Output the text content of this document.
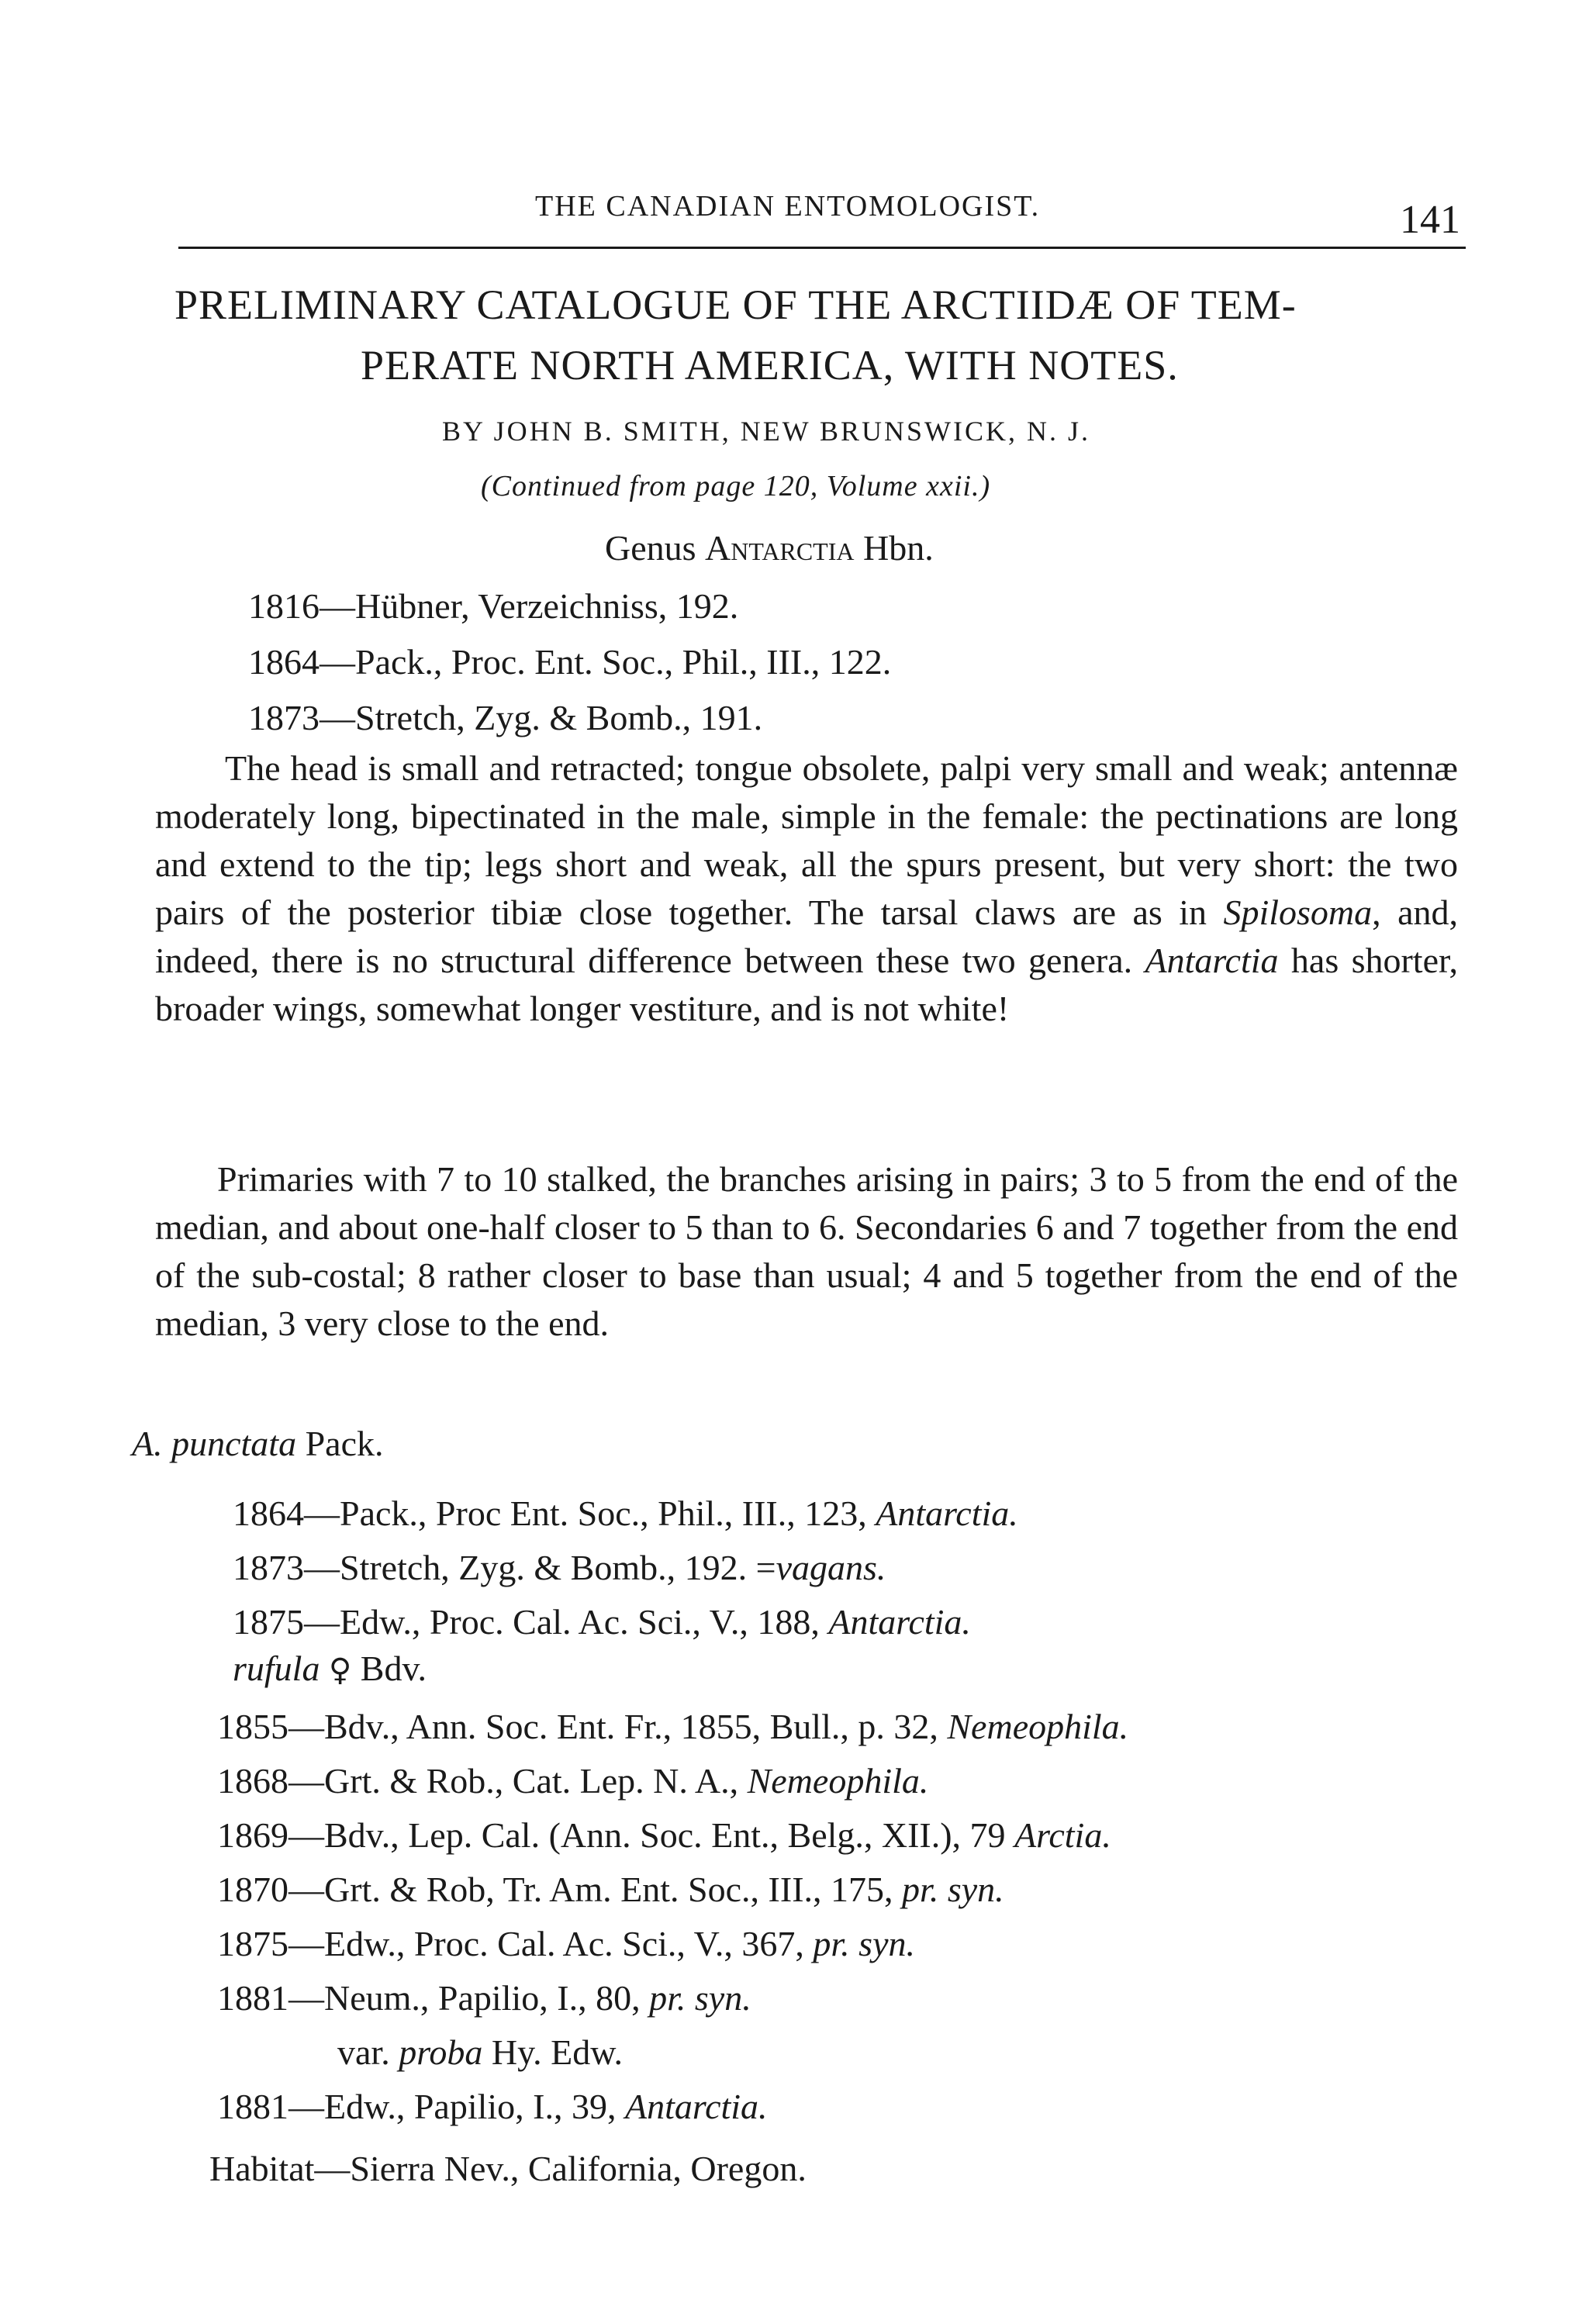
THE CANADIAN ENTOMOLOGIST.	141
PRELIMINARY CATALOGUE OF THE ARCTIIDÆ OF TEM-
PERATE NORTH AMERICA, WITH NOTES.
BY JOHN B. SMITH, NEW BRUNSWICK, N. J.
(Continued from page 120, Volume xxii.)
Genus Antarctia Hbn.
1816—Hübner, Verzeichniss, 192.
1864—Pack., Proc. Ent. Soc., Phil., III., 122.
1873—Stretch, Zyg. & Bomb., 191.
The head is small and retracted; tongue obsolete, palpi very small and weak; antennæ moderately long, bipectinated in the male, simple in the female: the pectinations are long and extend to the tip; legs short and weak, all the spurs present, but very short: the two pairs of the posterior tibiæ close together. The tarsal claws are as in Spilosoma, and, indeed, there is no structural difference between these two genera. Antarctia has shorter, broader wings, somewhat longer vestiture, and is not white!
Primaries with 7 to 10 stalked, the branches arising in pairs; 3 to 5 from the end of the median, and about one-half closer to 5 than to 6. Secondaries 6 and 7 together from the end of the sub-costal; 8 rather closer to base than usual; 4 and 5 together from the end of the median, 3 very close to the end.
A. punctata Pack.
1864—Pack., Proc Ent. Soc., Phil., III., 123, Antarctia.
1873—Stretch, Zyg. & Bomb., 192. =vagans.
1875—Edw., Proc. Cal. Ac. Sci., V., 188, Antarctia.
rufula ♀ Bdv.
1855—Bdv., Ann. Soc. Ent. Fr., 1855, Bull., p. 32, Nemeophila.
1868—Grt. & Rob., Cat. Lep. N. A., Nemeophila.
1869—Bdv., Lep. Cal. (Ann. Soc. Ent., Belg., XII.), 79 Arctia.
1870—Grt. & Rob, Tr. Am. Ent. Soc., III., 175, pr. syn.
1875—Edw., Proc. Cal. Ac. Sci., V., 367, pr. syn.
1881—Neum., Papilio, I., 80, pr. syn.
var. proba Hy. Edw.
1881—Edw., Papilio, I., 39, Antarctia.
Habitat—Sierra Nev., California, Oregon.
